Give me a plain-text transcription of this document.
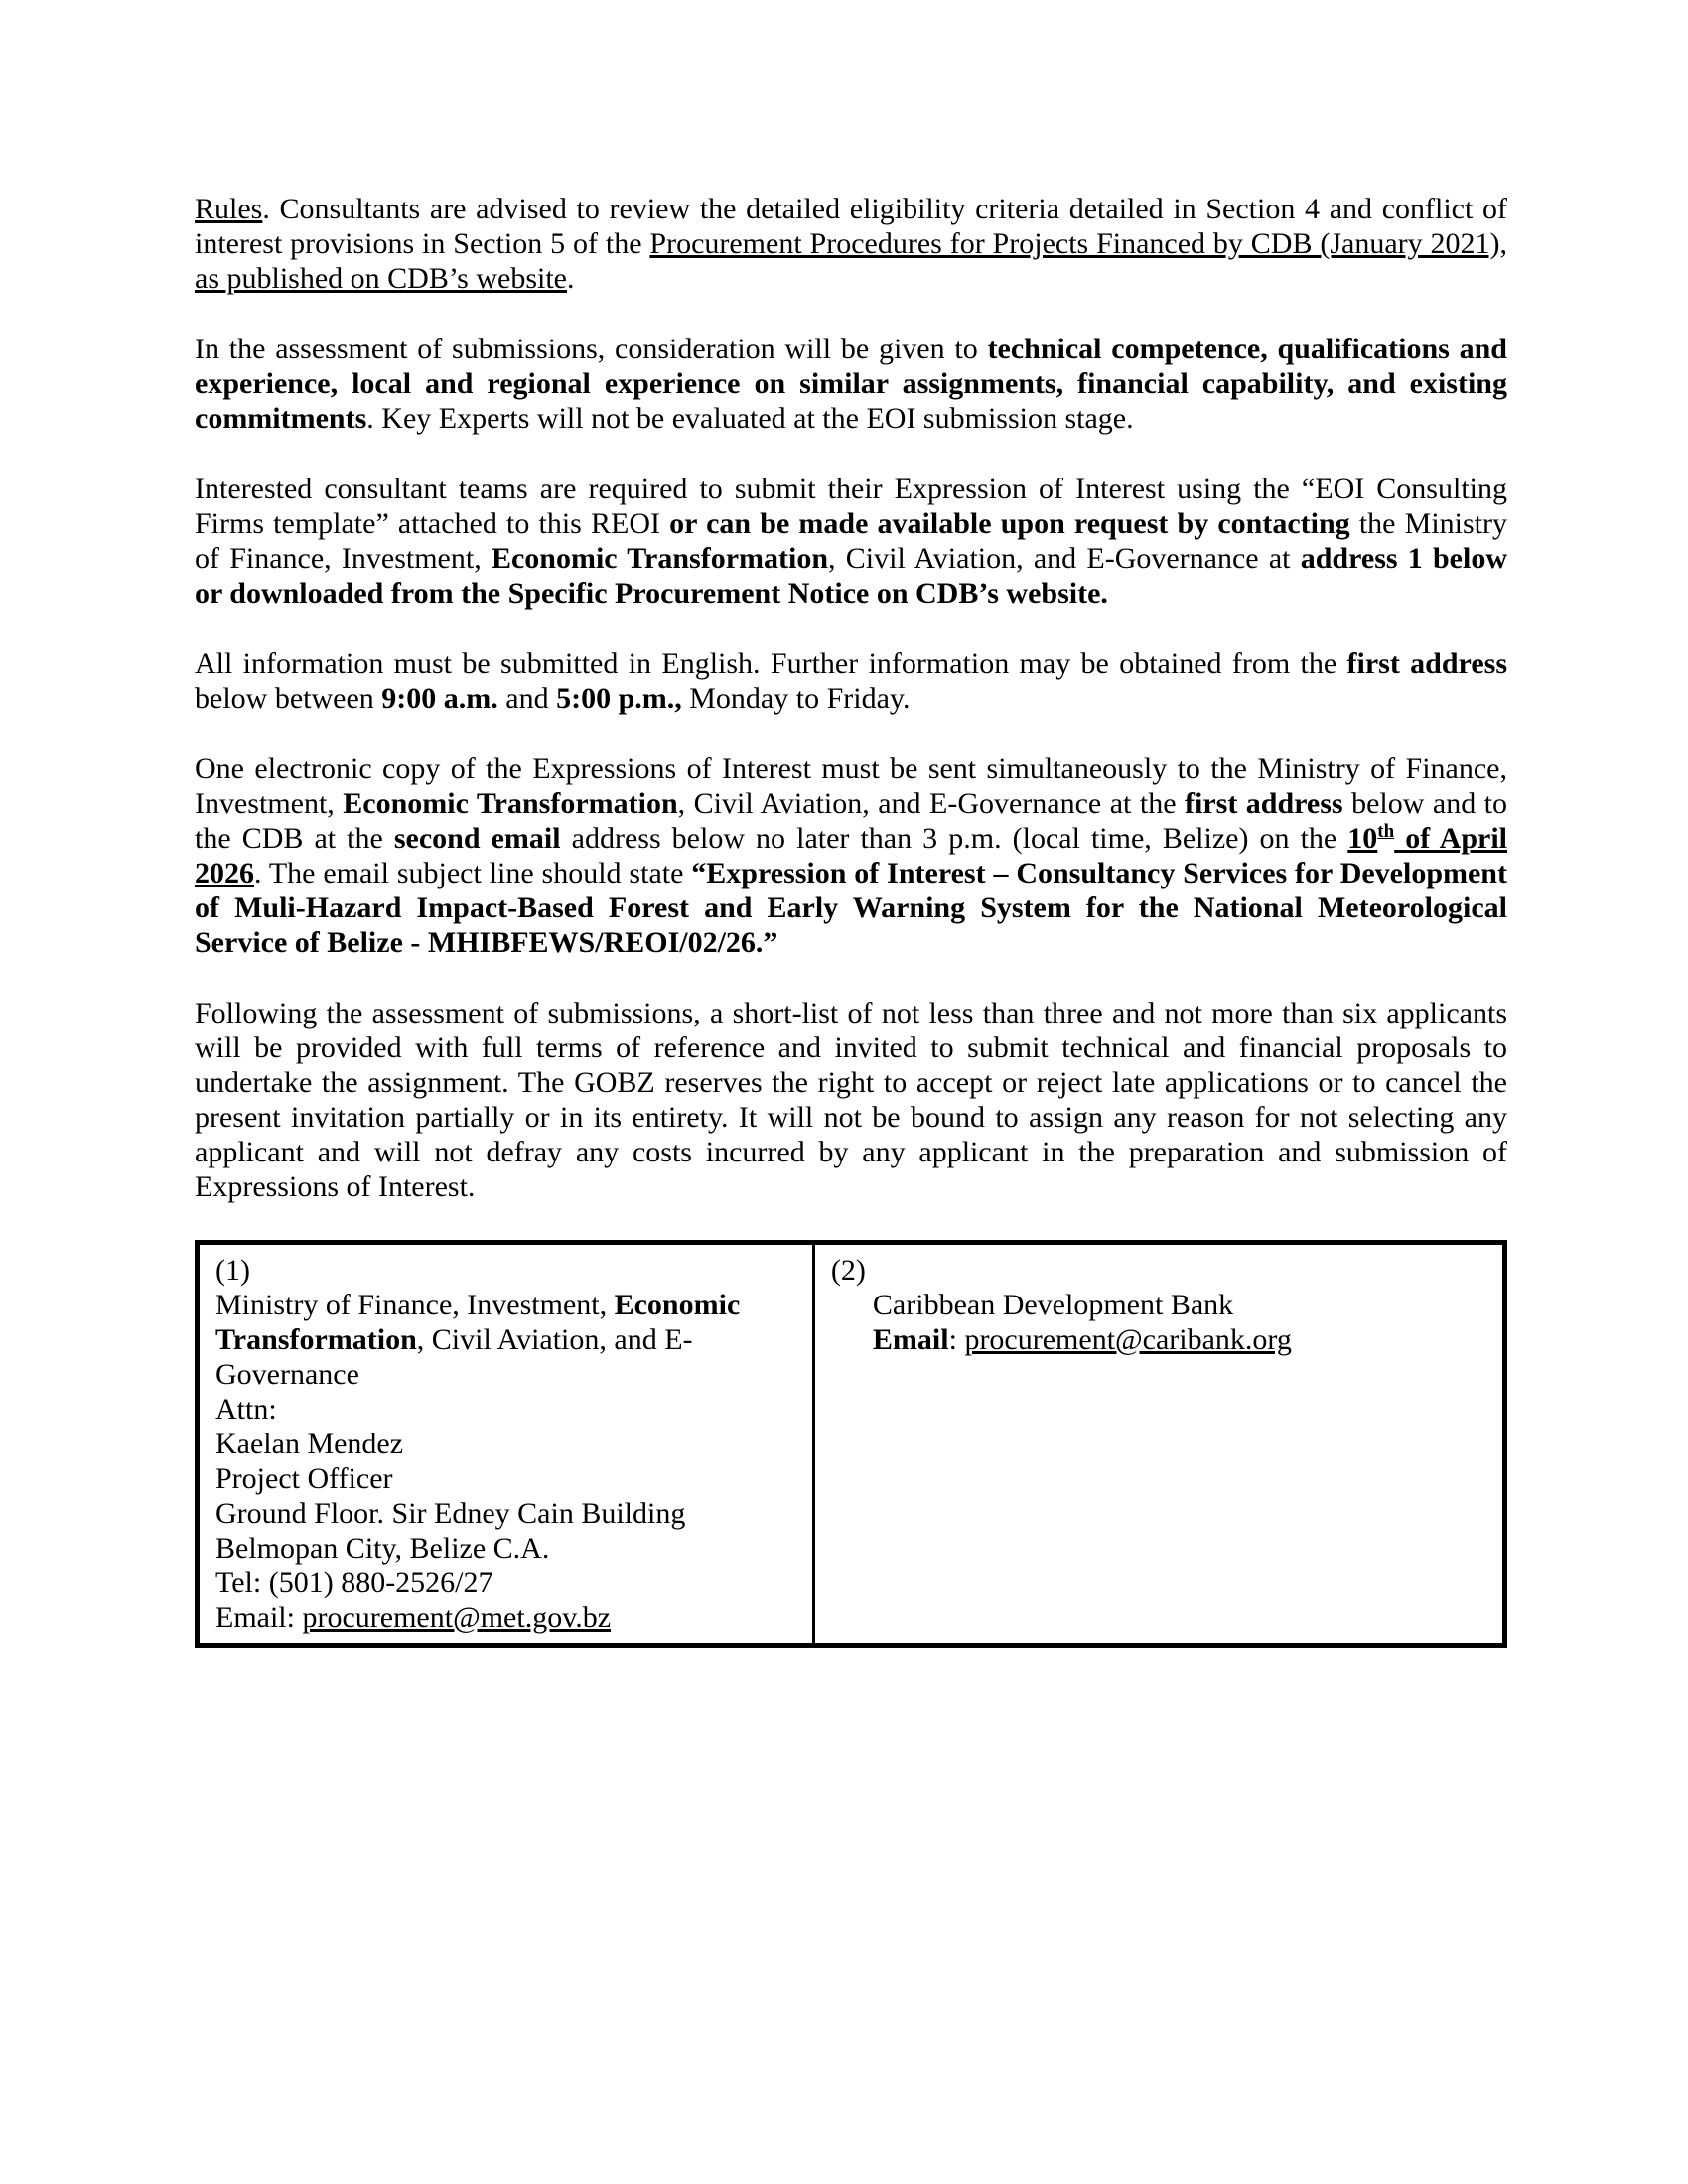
Rules. Consultants are advised to review the detailed eligibility criteria detailed in Section 4 and conflict of interest provisions in Section 5 of the Procurement Procedures for Projects Financed by CDB (January 2021), as published on CDB’s website.

In the assessment of submissions, consideration will be given to technical competence, qualifications and experience, local and regional experience on similar assignments, financial capability, and existing commitments. Key Experts will not be evaluated at the EOI submission stage.

Interested consultant teams are required to submit their Expression of Interest using the “EOI Consulting Firms template” attached to this REOI or can be made available upon request by contacting the Ministry of Finance, Investment, Economic Transformation, Civil Aviation, and E-Governance at address 1 below or downloaded from the Specific Procurement Notice on CDB’s website.

All information must be submitted in English. Further information may be obtained from the first address below between 9:00 a.m. and 5:00 p.m., Monday to Friday.

One electronic copy of the Expressions of Interest must be sent simultaneously to the Ministry of Finance, Investment, Economic Transformation, Civil Aviation, and E-Governance at the first address below and to the CDB at the second email address below no later than 3 p.m. (local time, Belize) on the 10th of April 2026. The email subject line should state “Expression of Interest – Consultancy Services for Development of Muli-Hazard Impact-Based Forest and Early Warning System for the National Meteorological Service of Belize - MHIBFEWS/REOI/02/26.”

Following the assessment of submissions, a short-list of not less than three and not more than six applicants will be provided with full terms of reference and invited to submit technical and financial proposals to undertake the assignment. The GOBZ reserves the right to accept or reject late applications or to cancel the present invitation partially or in its entirety. It will not be bound to assign any reason for not selecting any applicant and will not defray any costs incurred by any applicant in the preparation and submission of Expressions of Interest.

(1)
Ministry of Finance, Investment, Economic Transformation, Civil Aviation, and E-Governance
Attn:
Kaelan Mendez
Project Officer
Ground Floor. Sir Edney Cain Building
Belmopan City, Belize C.A.
Tel: (501) 880-2526/27
Email: procurement@met.gov.bz

(2)
Caribbean Development Bank
Email: procurement@caribank.org
